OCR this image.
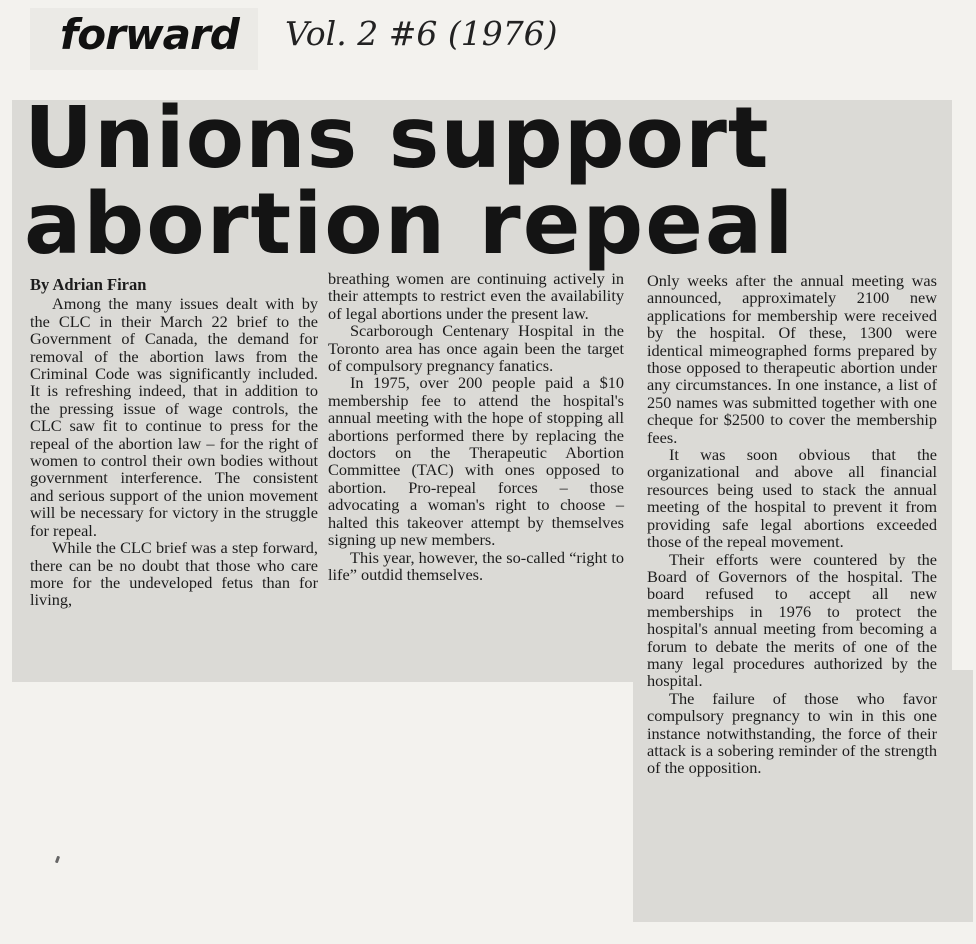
forward Vol. 2 #6 (1976)
Unions support
abortion repeal

By Adrian Firan

Among the many issues dealt with by the CLC in their March 22 brief to the Government of Canada, the demand for removal of the abortion laws from the Criminal Code was significantly included. It is refreshing indeed, that in addition to the pressing issue of wage controls, the CLC saw fit to continue to press for the repeal of the abortion law – for the right of women to control their own bodies without government interference. The consistent and serious support of the union movement will be necessary for victory in the struggle for repeal.

While the CLC brief was a step forward, there can be no doubt that those who care more for the undeveloped fetus than for living,

breathing women are continuing actively in their attempts to restrict even the availability of legal abortions under the present law.

Scarborough Centenary Hospital in the Toronto area has once again been the target of compulsory pregnancy fanatics.

In 1975, over 200 people paid a $10 membership fee to attend the hospital's annual meeting with the hope of stopping all abortions performed there by replacing the doctors on the Therapeutic Abortion Committee (TAC) with ones opposed to abortion. Pro-repeal forces – those advocating a woman's right to choose – halted this takeover attempt by themselves signing up new members.

This year, however, the so-called “right to life” outdid themselves.

Only weeks after the annual meeting was announced, approximately 2100 new applications for membership were received by the hospital. Of these, 1300 were identical mimeographed forms prepared by those opposed to therapeutic abortion under any circumstances. In one instance, a list of 250 names was submitted together with one cheque for $2500 to cover the membership fees.

It was soon obvious that the organizational and above all financial resources being used to stack the annual meeting of the hospital to prevent it from providing safe legal abortions exceeded those of the repeal movement.

Their efforts were countered by the Board of Governors of the hospital. The board refused to accept all new memberships in 1976 to protect the hospital's annual meeting from becoming a forum to debate the merits of one of the many legal procedures authorized by the hospital.

The failure of those who favor compulsory pregnancy to win in this one instance notwithstanding, the force of their attack is a sobering reminder of the strength of the opposition.
